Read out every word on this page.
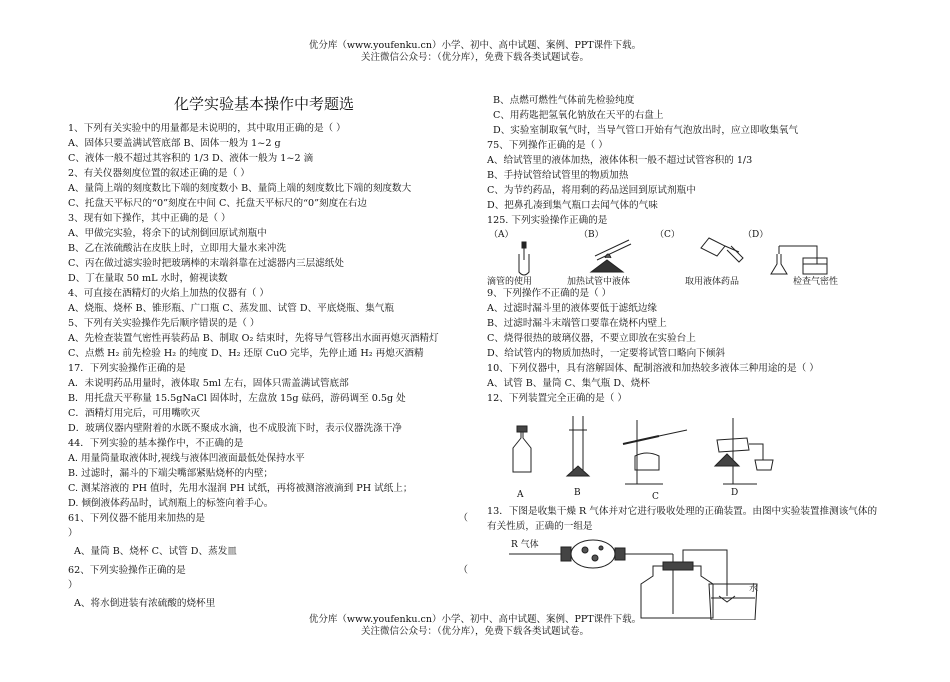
优分库（www.youfenku.cn）小学、初中、高中试题、案例、PPT课件下载。
关注微信公众号：（优分库），免费下载各类试题试卷。
化学实验基本操作中考题选
1、下列有关实验中的用量都是未说明的，其中取用正确的是（ ）
A、固体只要盖满试管底部 B、固体一般为 1~2 g
C、液体一般不超过其容积的 1/3 D、液体一般为 1~2 滴
2、有关仪器刻度位置的叙述正确的是（ ）
A、量筒上端的刻度数比下端的刻度数小 B、量筒上端的刻度数比下端的刻度数大
C、托盘天平标尺的“0”刻度在中间 C、托盘天平标尺的“0”刻度在右边
3、现有如下操作，其中正确的是（ ）
A、甲做完实验，将余下的试剂倒回原试剂瓶中
B、乙在浓硫酸沾在皮肤上时，立即用大量水来冲洗
C、丙在做过滤实验时把玻璃棒的末端斜靠在过滤器内三层滤纸处
D、丁在量取 50 mL 水时，俯视读数
4、可直接在酒精灯的火焰上加热的仪器有（ ）
A、烧瓶、烧杯 B、锥形瓶、广口瓶 C、蒸发皿、试管 D、平底烧瓶、集气瓶
5、下列有关实验操作先后顺序错误的是（ ）
A、先检查装置气密性再装药品 B、制取 O₂ 结束时，先将导气管移出水面再熄灭酒精灯
C、点燃 H₂ 前先检验 H₂ 的纯度 D、H₂ 还原 CuO 完毕，先停止通 H₂ 再熄灭酒精
17．下列实验操作正确的是
A．未说明药品用量时，液体取 5ml 左右，固体只需盖满试管底部
B．用托盘天平称量 15.5gNaCl 固体时，左盘放 15g 砝码，游码调至 0.5g 处
C．酒精灯用完后，可用嘴吹灭
D．玻璃仪器内壁附着的水既不聚成水滴，也不成股流下时，表示仪器洗涤干净
44．下列实验的基本操作中，不正确的是
A. 用量筒量取液体时,视线与液体凹液面最低处保持水平
B. 过滤时，漏斗的下端尖嘴部紧贴烧杯的内壁；
C. 测某溶液的 PH 值时，先用水湿润 PH 试纸，再将被测溶液滴到 PH 试纸上；
D. 倾倒液体药品时，试剂瓶上的标签向着手心。
61、下列仪器不能用来加热的是	（
）
A、量筒 B、烧杯 C、试管 D、蒸发皿
62、下列实验操作正确的是	（
）
A、将水倒进装有浓硫酸的烧杯里
B、点燃可燃性气体前先检验纯度
C、用药匙把氢氧化钠放在天平的右盘上
D、实验室制取氧气时，当导气管口开始有气泡放出时，应立即收集氧气
75、下列操作正确的是（ ）
A、给试管里的液体加热，液体体积一般不超过试管容积的 1/3
B、手持试管给试管里的物质加热
C、为节约药品，将用剩的药品送回到原试剂瓶中
D、把鼻孔凑到集气瓶口去闻气体的气味
125. 下列实验操作正确的是
（A）	（B）	（C）	（D）
滴管的使用	加热试管中液体	取用液体药品	检查气密性
9、下列操作不正确的是（ ）
A、过滤时漏斗里的液体要低于滤纸边缘
B、过滤时漏斗末端管口要靠在烧杯内壁上
C、烧得很热的玻璃仪器，不要立即放在实验台上
D、给试管内的物质加热时，一定要将试管口略向下倾斜
10、下列仪器中，具有溶解固体、配制溶液和加热较多液体三种用途的是（ ）
A、试管 B、量筒 C、集气瓶 D、烧杯
12、下列装置完全正确的是（ ）
A	B	C	D
13．下图是收集干燥 R 气体并对它进行吸收处理的正确装置。由图中实验装置推测该气体的
有关性质，正确的一组是
R 气体
水
优分库（www.youfenku.cn）小学、初中、高中试题、案例、PPT课件下载。
关注微信公众号：（优分库），免费下载各类试题试卷。
